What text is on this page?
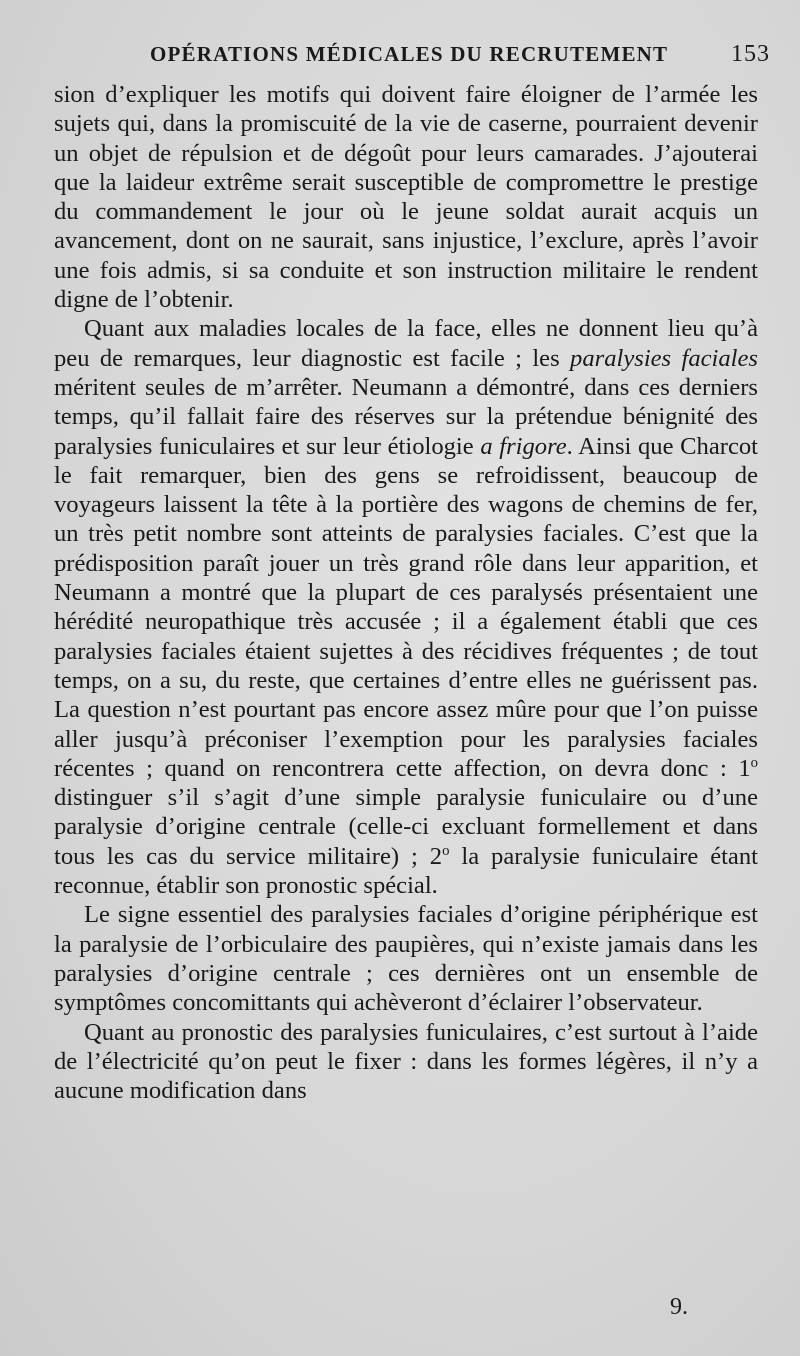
OPÉRATIONS MÉDICALES DU RECRUTEMENT	153

sion d’expliquer les motifs qui doivent faire éloigner de l’armée les sujets qui, dans la promiscuité de la vie de caserne, pourraient devenir un objet de répulsion et de dégoût pour leurs camarades. J’ajouterai que la laideur extrême serait susceptible de compromettre le prestige du commandement le jour où le jeune soldat aurait acquis un avancement, dont on ne saurait, sans injustice, l’exclure, après l’avoir une fois admis, si sa conduite et son instruction militaire le rendent digne de l’obtenir.

Quant aux maladies locales de la face, elles ne donnent lieu qu’à peu de remarques, leur diagnostic est facile ; les paralysies faciales méritent seules de m’arrêter. Neumann a démontré, dans ces derniers temps, qu’il fallait faire des réserves sur la prétendue bénignité des paralysies funiculaires et sur leur étiologie a frigore. Ainsi que Charcot le fait remarquer, bien des gens se refroidissent, beaucoup de voyageurs laissent la tête à la portière des wagons de chemins de fer, un très petit nombre sont atteints de paralysies faciales. C’est que la prédisposition paraît jouer un très grand rôle dans leur apparition, et Neumann a montré que la plupart de ces paralysés présentaient une hérédité neuropathique très accusée ; il a également établi que ces paralysies faciales étaient sujettes à des récidives fréquentes ; de tout temps, on a su, du reste, que certaines d’entre elles ne guérissent pas. La question n’est pourtant pas encore assez mûre pour que l’on puisse aller jusqu’à préconiser l’exemption pour les paralysies faciales récentes ; quand on rencontrera cette affection, on devra donc : 1$^o$ distinguer s’il s’agit d’une simple paralysie funiculaire ou d’une paralysie d’origine centrale (celle-ci excluant formellement et dans tous les cas du service militaire) ; 2$^o$ la paralysie funiculaire étant reconnue, établir son pronostic spécial.

Le signe essentiel des paralysies faciales d’origine périphérique est la paralysie de l’orbiculaire des paupières, qui n’existe jamais dans les paralysies d’origine centrale ; ces dernières ont un ensemble de symptômes concomittants qui achèveront d’éclairer l’observateur.

Quant au pronostic des paralysies funiculaires, c’est surtout à l’aide de l’électricité qu’on peut le fixer : dans les formes légères, il n’y a aucune modification dans

9.
